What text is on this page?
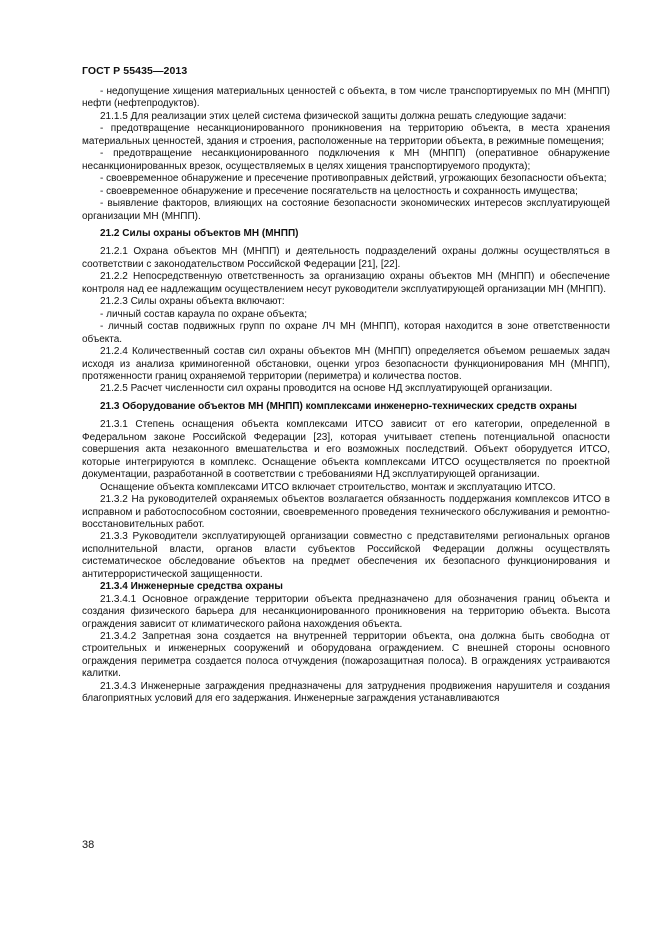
ГОСТ Р 55435—2013

- недопущение хищения материальных ценностей с объекта, в том числе транспортируемых по МН (МНПП) нефти (нефтепродуктов).

21.1.5 Для реализации этих целей система физической защиты должна решать следующие задачи:

- предотвращение несанкционированного проникновения на территорию объекта, в места хранения материальных ценностей, здания и строения, расположенные на территории объекта, в режимные помещения;

- предотвращение несанкционированного подключения к МН (МНПП) (оперативное обнаружение несанкционированных врезок, осуществляемых в целях хищения транспортируемого продукта);

- своевременное обнаружение и пресечение противоправных действий, угрожающих безопасности объекта;

- своевременное обнаружение и пресечение посягательств на целостность и сохранность имущества;

- выявление факторов, влияющих на состояние безопасности экономических интересов эксплуатирующей организации МН (МНПП).

21.2 Силы охраны объектов МН (МНПП)

21.2.1 Охрана объектов МН (МНПП) и деятельность подразделений охраны должны осуществляться в соответствии с законодательством Российской Федерации [21], [22].

21.2.2 Непосредственную ответственность за организацию охраны объектов МН (МНПП) и обеспечение контроля над ее надлежащим осуществлением несут руководители эксплуатирующей организации МН (МНПП).

21.2.3 Силы охраны объекта включают:

- личный состав караула по охране объекта;

- личный состав подвижных групп по охране ЛЧ МН (МНПП), которая находится в зоне ответственности объекта.

21.2.4 Количественный состав сил охраны объектов МН (МНПП) определяется объемом решаемых задач исходя из анализа криминогенной обстановки, оценки угроз безопасности функционирования МН (МНПП), протяженности границ охраняемой территории (периметра) и количества постов.

21.2.5 Расчет численности сил охраны проводится на основе НД эксплуатирующей организации.

21.3 Оборудование объектов МН (МНПП) комплексами инженерно-технических средств охраны

21.3.1 Степень оснащения объекта комплексами ИТСО зависит от его категории, определенной в Федеральном законе Российской Федерации [23], которая учитывает степень потенциальной опасности совершения акта незаконного вмешательства и его возможных последствий. Объект оборудуется ИТСО, которые интегрируются в комплекс. Оснащение объекта комплексами ИТСО осуществляется по проектной документации, разработанной в соответствии с требованиями НД эксплуатирующей организации.

Оснащение объекта комплексами ИТСО включает строительство, монтаж и эксплуатацию ИТСО.

21.3.2 На руководителей охраняемых объектов возлагается обязанность поддержания комплексов ИТСО в исправном и работоспособном состоянии, своевременного проведения технического обслуживания и ремонтно-восстановительных работ.

21.3.3 Руководители эксплуатирующей организации совместно с представителями региональных органов исполнительной власти, органов власти субъектов Российской Федерации должны осуществлять систематическое обследование объектов на предмет обеспечения их безопасного функционирования и антитеррористической защищенности.

21.3.4 Инженерные средства охраны

21.3.4.1 Основное ограждение территории объекта предназначено для обозначения границ объекта и создания физического барьера для несанкционированного проникновения на территорию объекта. Высота ограждения зависит от климатического района нахождения объекта.

21.3.4.2 Запретная зона создается на внутренней территории объекта, она должна быть свободна от строительных и инженерных сооружений и оборудована ограждением. С внешней стороны основного ограждения периметра создается полоса отчуждения (пожарозащитная полоса). В ограждениях устраиваются калитки.

21.3.4.3 Инженерные заграждения предназначены для затруднения продвижения нарушителя и создания благоприятных условий для его задержания. Инженерные заграждения устанавливаются

38
